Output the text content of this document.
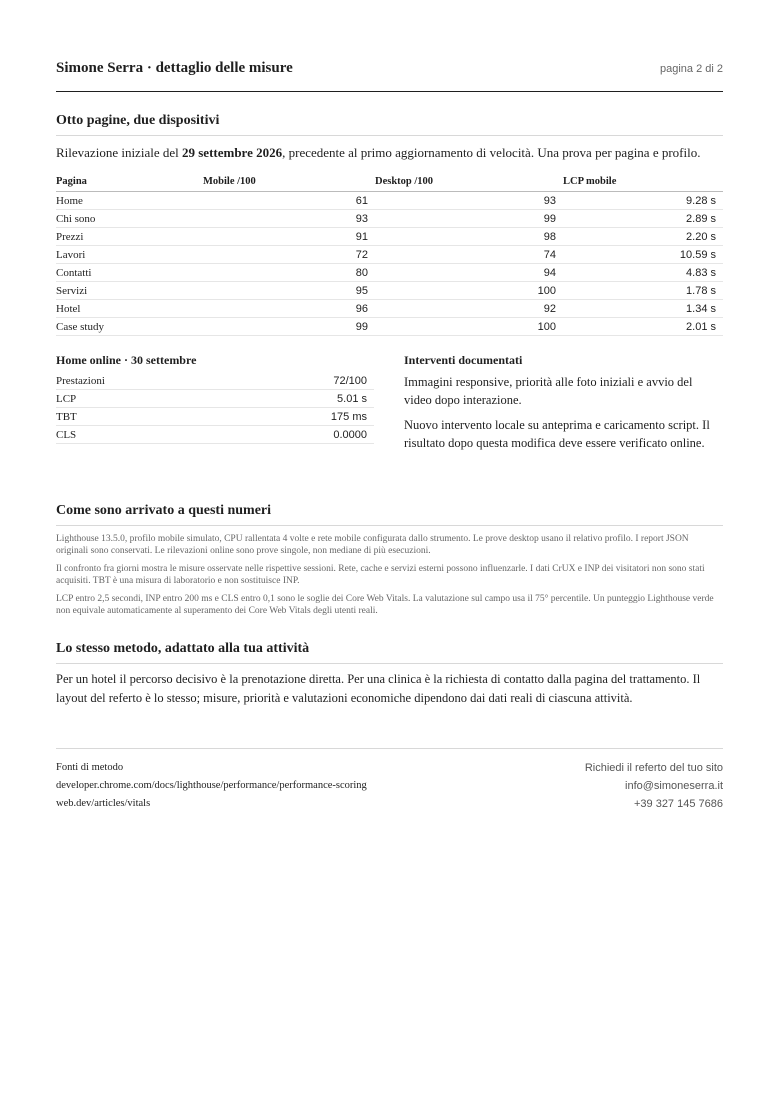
Simone Serra · dettaglio delle misure	pagina 2 di 2
Otto pagine, due dispositivi
Rilevazione iniziale del 29 settembre 2026, precedente al primo aggiornamento di velocità. Una prova per pagina e profilo.
Pagina	Mobile /100	Desktop /100	LCP mobile
Home	61	93	9.28 s
Chi sono	93	99	2.89 s
Prezzi	91	98	2.20 s
Lavori	72	74	10.59 s
Contatti	80	94	4.83 s
Servizi	95	100	1.78 s
Hotel	96	92	1.34 s
Case study	99	100	2.01 s
Home online · 30 settembre
Prestazioni	72/100
LCP	5.01 s
TBT	175 ms
CLS	0.0000
Interventi documentati
Immagini responsive, priorità alle foto iniziali e avvio del video dopo interazione.
Nuovo intervento locale su anteprima e caricamento script. Il risultato dopo questa modifica deve essere verificato online.
Come sono arrivato a questi numeri

Lighthouse 13.5.0, profilo mobile simulato, CPU rallentata 4 volte e rete mobile configurata dallo strumento. Le prove desktop usano il relativo profilo. I report JSON originali sono conservati. Le rilevazioni online sono prove singole, non mediane di più esecuzioni.

Il confronto fra giorni mostra le misure osservate nelle rispettive sessioni. Rete, cache e servizi esterni possono influenzarle. I dati CrUX e INP dei visitatori non sono stati acquisiti. TBT è una misura di laboratorio e non sostituisce INP.

LCP entro 2,5 secondi, INP entro 200 ms e CLS entro 0,1 sono le soglie dei Core Web Vitals. La valutazione sul campo usa il 75° percentile. Un punteggio Lighthouse verde non equivale automaticamente al superamento dei Core Web Vitals degli utenti reali.

Lo stesso metodo, adattato alla tua attività
Per un hotel il percorso decisivo è la prenotazione diretta. Per una clinica è la richiesta di contatto dalla pagina del trattamento. Il layout del referto è lo stesso; misure, priorità e valutazioni economiche dipendono dai dati reali di ciascuna attività.
Fonti di metodo
developer.chrome.com/docs/lighthouse/performance/performance-scoring
web.dev/articles/vitals
Richiedi il referto del tuo sito
info@simoneserra.it
+39 327 145 7686
